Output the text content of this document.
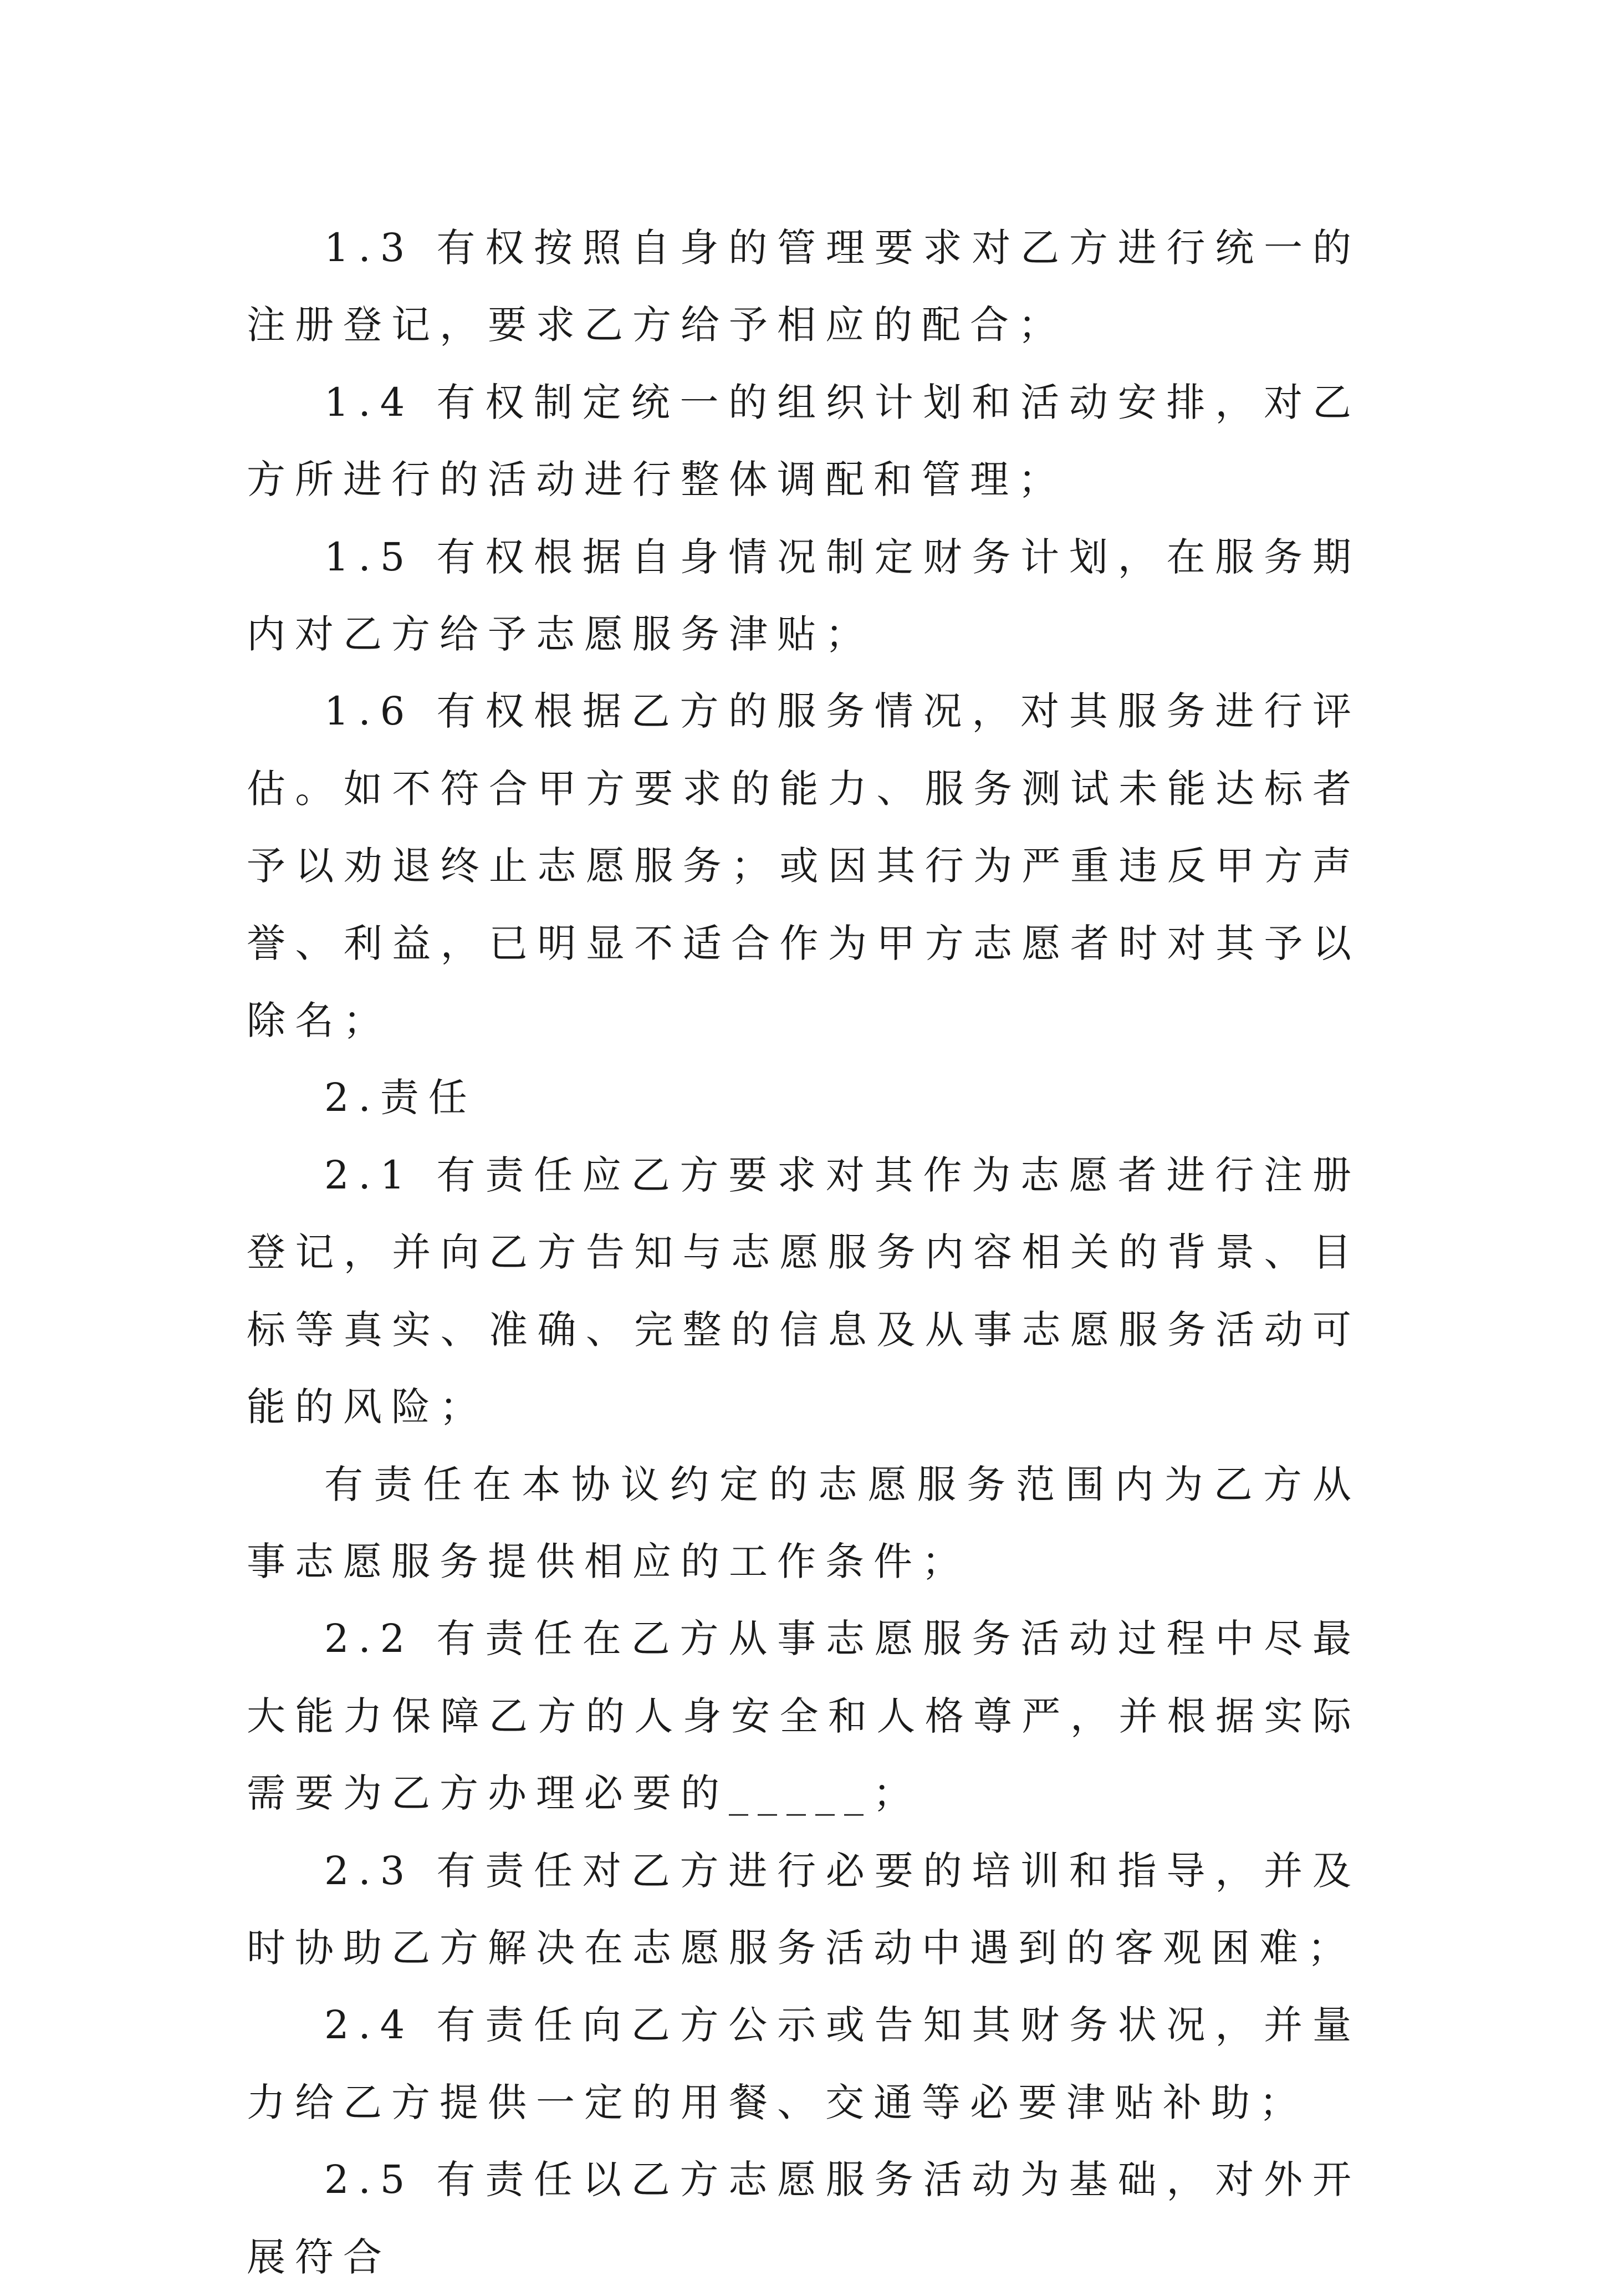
1.3 有权按照自身的管理要求对乙方进行统一的注册登记，要求乙方给予相应的配合；

1.4 有权制定统一的组织计划和活动安排，对乙方所进行的活动进行整体调配和管理；

1.5 有权根据自身情况制定财务计划，在服务期内对乙方给予志愿服务津贴；

1.6 有权根据乙方的服务情况，对其服务进行评估。如不符合甲方要求的能力、服务测试未能达标者予以劝退终止志愿服务；或因其行为严重违反甲方声誉、利益，已明显不适合作为甲方志愿者时对其予以除名；

2.责任

2.1 有责任应乙方要求对其作为志愿者进行注册登记，并向乙方告知与志愿服务内容相关的背景、目标等真实、准确、完整的信息及从事志愿服务活动可能的风险；

有责任在本协议约定的志愿服务范围内为乙方从事志愿服务提供相应的工作条件；

2.2 有责任在乙方从事志愿服务活动过程中尽最大能力保障乙方的人身安全和人格尊严，并根据实际需要为乙方办理必要的_____；

2.3 有责任对乙方进行必要的培训和指导，并及时协助乙方解决在志愿服务活动中遇到的客观困难；

2.4 有责任向乙方公示或告知其财务状况，并量力给乙方提供一定的用餐、交通等必要津贴补助；

2.5 有责任以乙方志愿服务活动为基础，对外开展符合
